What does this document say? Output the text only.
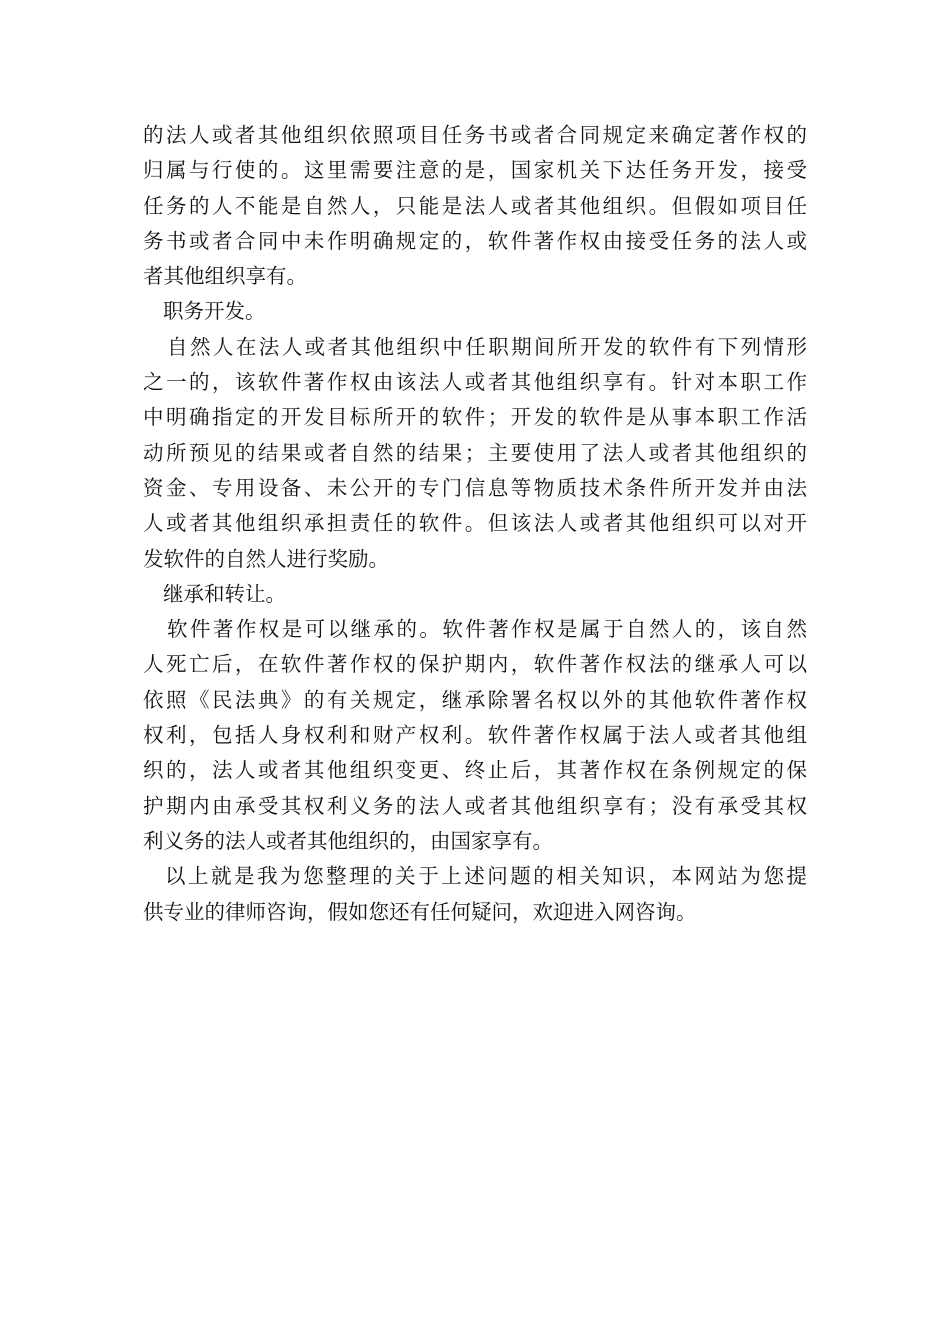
的法人或者其他组织依照项目任务书或者合同规定来确定著作权的
归属与行使的。这里需要注意的是，国家机关下达任务开发，接受
任务的人不能是自然人，只能是法人或者其他组织。但假如项目任
务书或者合同中未作明确规定的，软件著作权由接受任务的法人或
者其他组织享有。
职务开发。
自然人在法人或者其他组织中任职期间所开发的软件有下列情形
之一的，该软件著作权由该法人或者其他组织享有。针对本职工作
中明确指定的开发目标所开的软件；开发的软件是从事本职工作活
动所预见的结果或者自然的结果；主要使用了法人或者其他组织的
资金、专用设备、未公开的专门信息等物质技术条件所开发并由法
人或者其他组织承担责任的软件。但该法人或者其他组织可以对开
发软件的自然人进行奖励。
继承和转让。
软件著作权是可以继承的。软件著作权是属于自然人的，该自然
人死亡后，在软件著作权的保护期内，软件著作权法的继承人可以
依照《民法典》的有关规定，继承除署名权以外的其他软件著作权
权利，包括人身权利和财产权利。软件著作权属于法人或者其他组
织的，法人或者其他组织变更、终止后，其著作权在条例规定的保
护期内由承受其权利义务的法人或者其他组织享有；没有承受其权
利义务的法人或者其他组织的，由国家享有。
以上就是我为您整理的关于上述问题的相关知识，本网站为您提
供专业的律师咨询，假如您还有任何疑问，欢迎进入网咨询。
